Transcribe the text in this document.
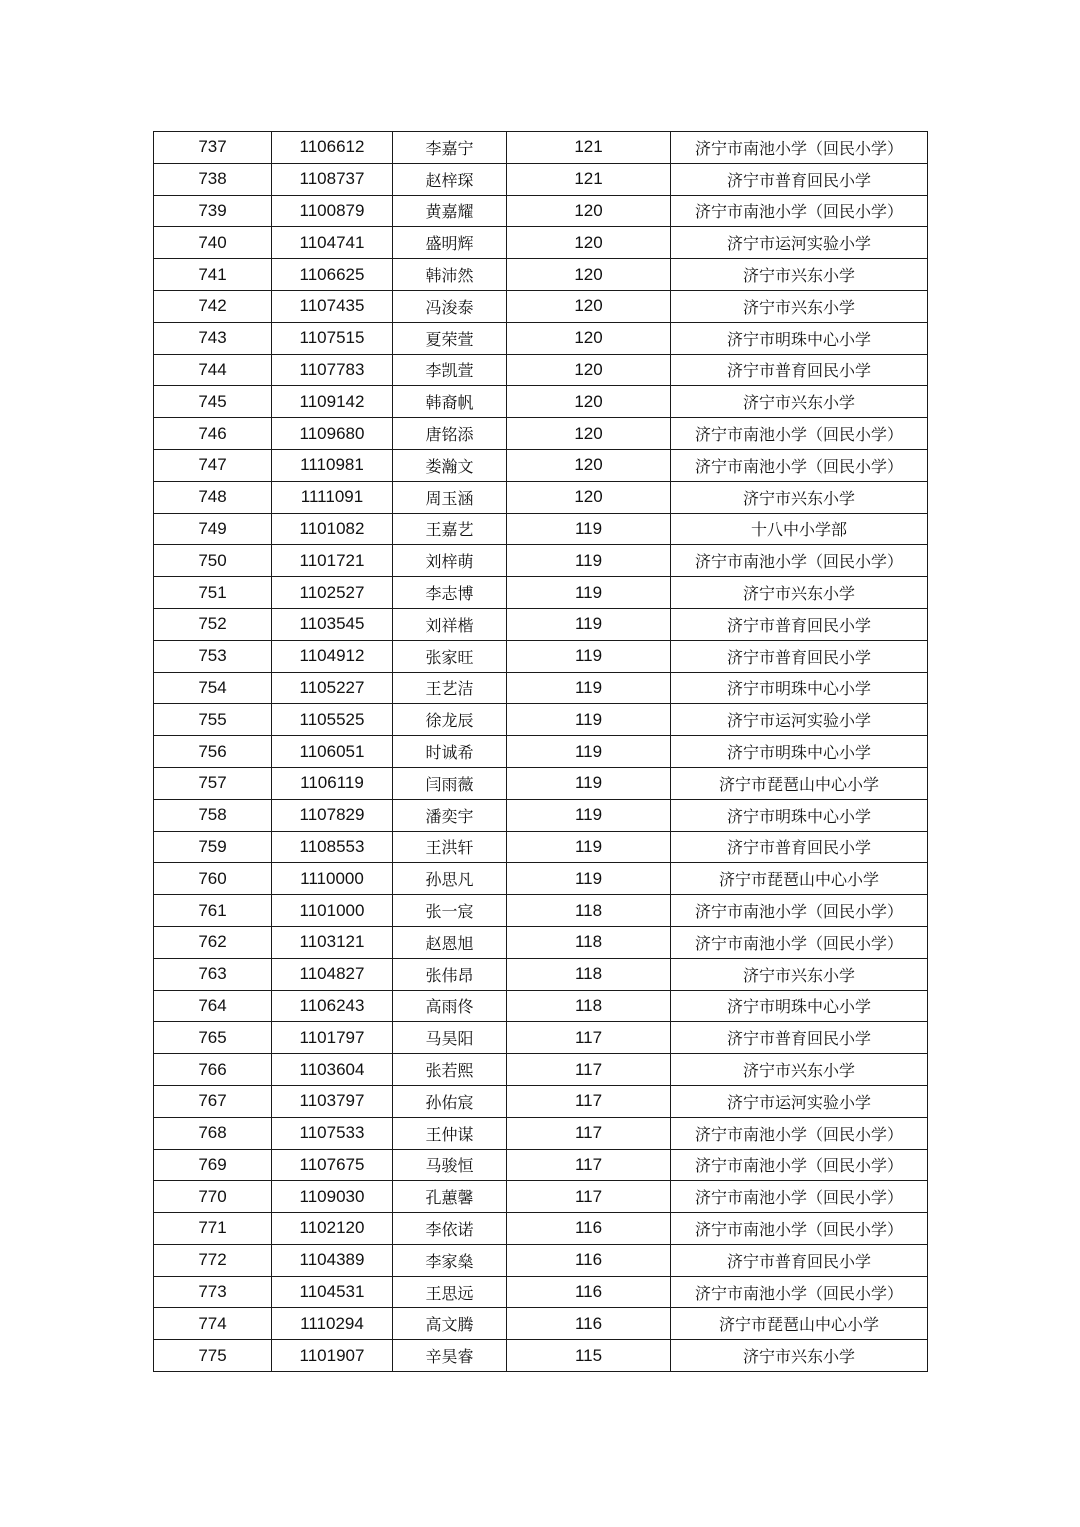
737	1106612	李嘉宁	121	济宁市南池小学（回民小学）
738	1108737	赵梓琛	121	济宁市普育回民小学
739	1100879	黄嘉耀	120	济宁市南池小学（回民小学）
740	1104741	盛明辉	120	济宁市运河实验小学
741	1106625	韩沛然	120	济宁市兴东小学
742	1107435	冯浚泰	120	济宁市兴东小学
743	1107515	夏荣萱	120	济宁市明珠中心小学
744	1107783	李凯萱	120	济宁市普育回民小学
745	1109142	韩裔帆	120	济宁市兴东小学
746	1109680	唐铭添	120	济宁市南池小学（回民小学）
747	1110981	娄瀚文	120	济宁市南池小学（回民小学）
748	1111091	周玉涵	120	济宁市兴东小学
749	1101082	王嘉艺	119	十八中小学部
750	1101721	刘梓萌	119	济宁市南池小学（回民小学）
751	1102527	李志博	119	济宁市兴东小学
752	1103545	刘祥楷	119	济宁市普育回民小学
753	1104912	张家旺	119	济宁市普育回民小学
754	1105227	王艺洁	119	济宁市明珠中心小学
755	1105525	徐龙辰	119	济宁市运河实验小学
756	1106051	时诚希	119	济宁市明珠中心小学
757	1106119	闫雨薇	119	济宁市琵琶山中心小学
758	1107829	潘奕宇	119	济宁市明珠中心小学
759	1108553	王洪轩	119	济宁市普育回民小学
760	1110000	孙思凡	119	济宁市琵琶山中心小学
761	1101000	张一宸	118	济宁市南池小学（回民小学）
762	1103121	赵恩旭	118	济宁市南池小学（回民小学）
763	1104827	张伟昂	118	济宁市兴东小学
764	1106243	高雨佟	118	济宁市明珠中心小学
765	1101797	马昊阳	117	济宁市普育回民小学
766	1103604	张若熙	117	济宁市兴东小学
767	1103797	孙佑宸	117	济宁市运河实验小学
768	1107533	王仲谋	117	济宁市南池小学（回民小学）
769	1107675	马骏恒	117	济宁市南池小学（回民小学）
770	1109030	孔蕙馨	117	济宁市南池小学（回民小学）
771	1102120	李依诺	116	济宁市南池小学（回民小学）
772	1104389	李家燊	116	济宁市普育回民小学
773	1104531	王思远	116	济宁市南池小学（回民小学）
774	1110294	高文腾	116	济宁市琵琶山中心小学
775	1101907	辛昊睿	115	济宁市兴东小学
